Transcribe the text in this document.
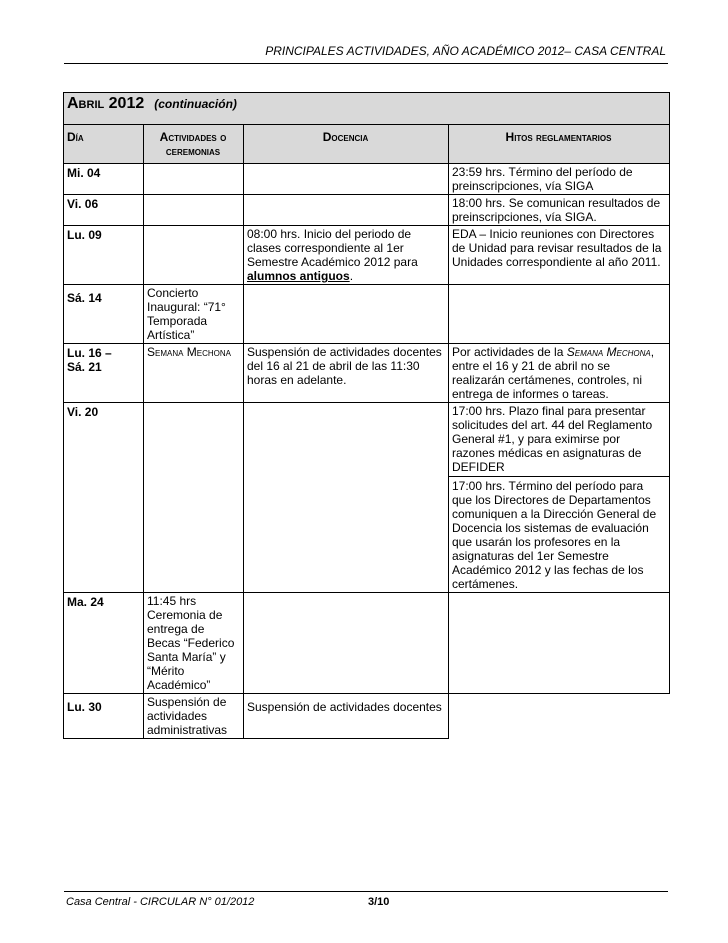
PRINCIPALES ACTIVIDADES, AÑO ACADÉMICO 2012– CASA CENTRAL
Abril 2012 (continuación)			
Día	Actividades o ceremonias	Docencia	Hitos reglamentarios
Mi. 04			23:59 hrs. Término del período de preinscripciones, vía SIGA
Vi. 06			18:00 hrs. Se comunican resultados de preinscripciones, vía SIGA.
Lu. 09		08:00 hrs. Inicio del periodo de clases correspondiente al 1er Semestre Académico 2012 para alumnos antiguos.	EDA – Inicio reuniones con Directores de Unidad para revisar resultados de la Unidades correspondiente al año 2011.
Sá. 14	Concierto Inaugural: “71° Temporada Artística”		

Lu. 16 –
Sá. 21	Semana Mechona	Suspensión de actividades docentes del 16 al 21 de abril de las 11:30 horas en adelante.	Por actividades de la Semana Mechona, entre el 16 y 21 de abril no se realizarán certámenes, controles, ni entrega de informes o tareas.
Vi. 20			17:00 hrs. Plazo final para presentar solicitudes del art. 44 del Reglamento General #1, y para eximirse por razones médicas en asignaturas de DEFIDER
17:00 hrs. Término del período para que los Directores de Departamentos comuniquen a la Dirección General de Docencia los sistemas de evaluación que usarán los profesores en la asignaturas del 1er Semestre Académico 2012 y las fechas de los certámenes.

Ma. 24	11:45 hrs Ceremonia de entrega de Becas “Federico Santa María” y “Mérito Académico”		
Lu. 30	Suspensión de actividades administrativas	Suspensión de actividades docentes	
Casa Central - CIRCULAR N° 01/2012	3/10
